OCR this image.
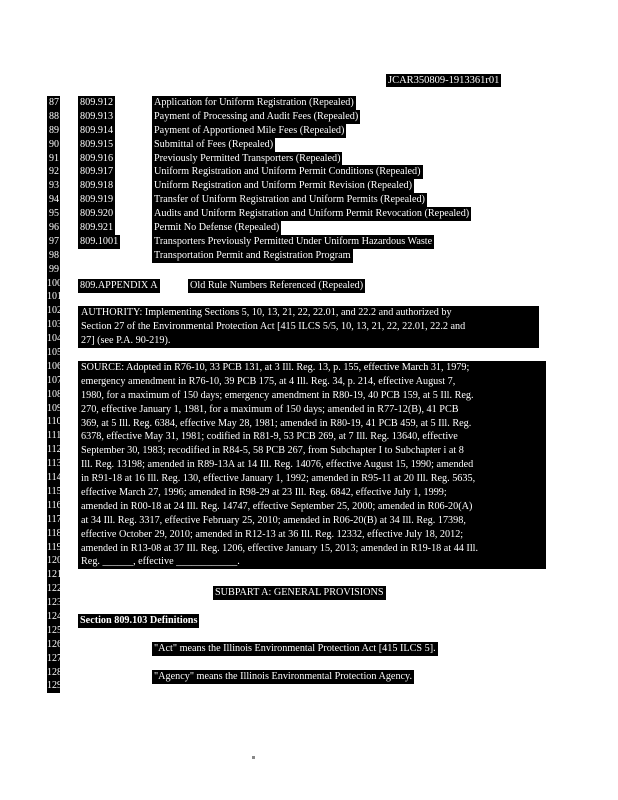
JCAR350809-1913361r01
87
88
89
90
91
92
93
94
95
96
97
98
99
100
101
102
103
104
105
106
107
108
109
110
111
112
113
114
115
116
117
118
119
120
121
122
123
124
125
126
127
128
129
809.912
809.913
809.914
809.915
809.916
809.917
809.918
809.919
809.920
809.921
809.1001

Application for Uniform Registration (Repealed)
Payment of Processing and Audit Fees (Repealed)
Payment of Apportioned Mile Fees (Repealed)
Submittal of Fees (Repealed)
Previously Permitted Transporters (Repealed)
Uniform Registration and Uniform Permit Conditions (Repealed)
Uniform Registration and Uniform Permit Revision (Repealed)
Transfer of Uniform Registration and Uniform Permits (Repealed)
Audits and Uniform Registration and Uniform Permit Revocation (Repealed)
Permit No Defense (Repealed)
Transporters Previously Permitted Under Uniform Hazardous Waste
Transportation Permit and Registration Program
809.APPENDIX A	Old Rule Numbers Referenced (Repealed)
AUTHORITY: Implementing Sections 5, 10, 13, 21, 22, 22.01, and 22.2 and authorized by
Section 27 of the Environmental Protection Act [415 ILCS 5/5, 10, 13, 21, 22, 22.01, 22.2 and
27] (see P.A. 90-219).
SOURCE: Adopted in R76-10, 33 PCB 131, at 3 Ill. Reg. 13, p. 155, effective March 31, 1979;
emergency amendment in R76-10, 39 PCB 175, at 4 Ill. Reg. 34, p. 214, effective August 7,
1980, for a maximum of 150 days; emergency amendment in R80-19, 40 PCB 159, at 5 Ill. Reg.
270, effective January 1, 1981, for a maximum of 150 days; amended in R77-12(B), 41 PCB
369, at 5 Ill. Reg. 6384, effective May 28, 1981; amended in R80-19, 41 PCB 459, at 5 Ill. Reg.
6378, effective May 31, 1981; codified in R81-9, 53 PCB 269, at 7 Ill. Reg. 13640, effective
September 30, 1983; recodified in R84-5, 58 PCB 267, from Subchapter I to Subchapter i at 8
Ill. Reg. 13198; amended in R89-13A at 14 Ill. Reg. 14076, effective August 15, 1990; amended
in R91-18 at 16 Ill. Reg. 130, effective January 1, 1992; amended in R95-11 at 20 Ill. Reg. 5635,
effective March 27, 1996; amended in R98-29 at 23 Ill. Reg. 6842, effective July 1, 1999;
amended in R00-18 at 24 Ill. Reg. 14747, effective September 25, 2000; amended in R06-20(A)
at 34 Ill. Reg. 3317, effective February 25, 2010; amended in R06-20(B) at 34 Ill. Reg. 17398,
effective October 29, 2010; amended in R12-13 at 36 Ill. Reg. 12332, effective July 18, 2012;
amended in R13-08 at 37 Ill. Reg. 1206, effective January 15, 2013; amended in R19-18 at 44 Ill.
Reg. ______, effective ____________.
SUBPART A: GENERAL PROVISIONS
Section 809.103 Definitions
"Act" means the Illinois Environmental Protection Act [415 ILCS 5].
"Agency" means the Illinois Environmental Protection Agency.
